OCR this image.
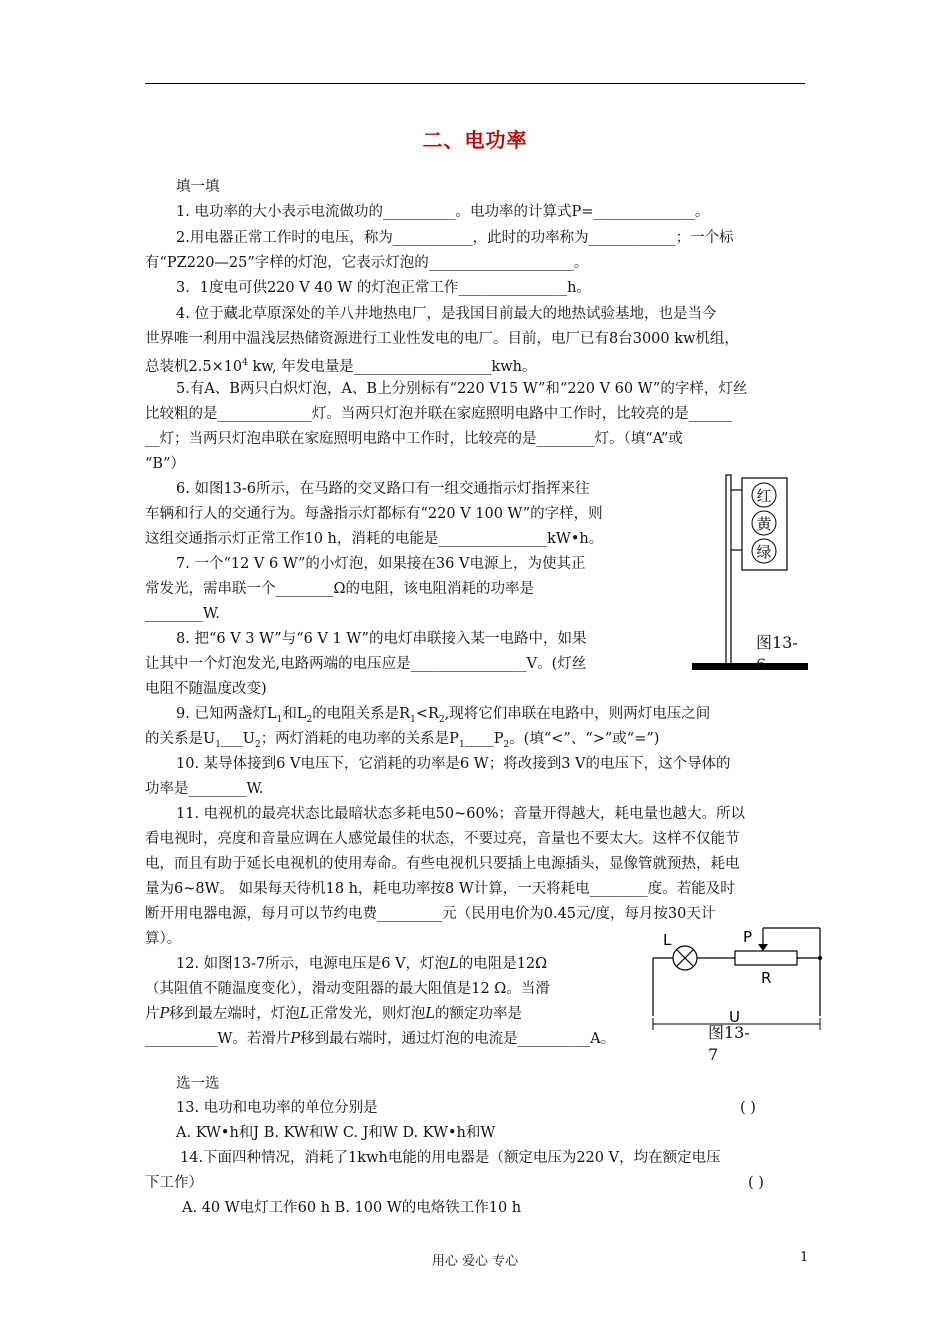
二、电功率
填一填
1. 电功率的大小表示电流做功的__________。电功率的计算式P=______________。
2.用电器正常工作时的电压，称为___________，此时的功率称为____________；一个标
有“PZ220—25”字样的灯泡，它表示灯泡的____________________。
3．1度电可供220 V 40 W 的灯泡正常工作_______________h。
4. 位于藏北草原深处的羊八井地热电厂，是我国目前最大的地热试验基地，也是当今
世界唯一利用中温浅层热储资源进行工业性发电的电厂。目前，电厂已有8台3000 kw机组，
总装机$2.5\times 10^4$ kw, 年发电量是___________________kwh。
5.有A、B两只白炽灯泡，A、B上分别标有“220 V15 W”和“220 V 60 W”的字样，灯丝
比较粗的是_____________灯。当两只灯泡并联在家庭照明电路中工作时，比较亮的是______
__灯；当两只灯泡串联在家庭照明电路中工作时，比较亮的是________灯。（填“A”或
“B”）
6. 如图13-6所示，在马路的交叉路口有一组交通指示灯指挥来往
车辆和行人的交通行为。每盏指示灯都标有“220 V 100 W”的字样，则
这组交通指示灯正常工作10 h，消耗的电能是_______________kW•h。
7. 一个“12 V 6 W”的小灯泡，如果接在36 V电源上，为使其正
常发光，需串联一个________Ω的电阻，该电阻消耗的功率是
________W.
8. 把“6 V 3 W”与“6 V 1 W”的电灯串联接入某一电路中，如果
让其中一个灯泡发光,电路两端的电压应是________________V。(灯丝
电阻不随温度改变)
红
黄
绿
图13-
6
9. 已知两盏灯$L_1$和$L_2$的电阻关系是$R_1<R_2$,现将它们串联在电路中，则两灯电压之间
的关系是$U_1\_\_\_U_2$；两灯消耗的电功率的关系是$P_1\_\_\_\_P_2$。(填“<”、“>”或“=”)
10. 某导体接到6 V电压下，它消耗的功率是6 W；将改接到3 V的电压下，这个导体的
功率是________W.
11. 电视机的最亮状态比最暗状态多耗电50~60%；音量开得越大，耗电量也越大。所以
看电视时，亮度和音量应调在人感觉最佳的状态，不要过亮，音量也不要太大。这样不仅能节
电，而且有助于延长电视机的使用寿命。有些电视机只要插上电源插头，显像管就预热，耗电
量为6~8W。 如果每天待机18 h，耗电功率按8 W计算，一天将耗电________度。若能及时
断开用电器电源，每月可以节约电费_________元（民用电价为0.45元/度，每月按30天计
算）。
12. 如图13-7所示，电源电压是6 V，灯泡L的电阻是12Ω
（其阻值不随温度变化），滑动变阻器的最大阻值是12 Ω。当滑
片P移到最左端时，灯泡L正常发光，则灯泡L的额定功率是
__________W。若滑片P移到最右端时，通过灯泡的电流是__________A。
L	P
R
U
图13-
7
选一选
13. 电功和电功率的单位分别是	( )
A. KW•h和J B. KW和W C. J和W D. KW•h和W
14.下面四种情况，消耗了1kwh电能的用电器是（额定电压为220 V，均在额定电压
下工作）	( )
A. 40 W电灯工作60 h B. 100 W的电烙铁工作10 h
用心 爱心 专心	1
